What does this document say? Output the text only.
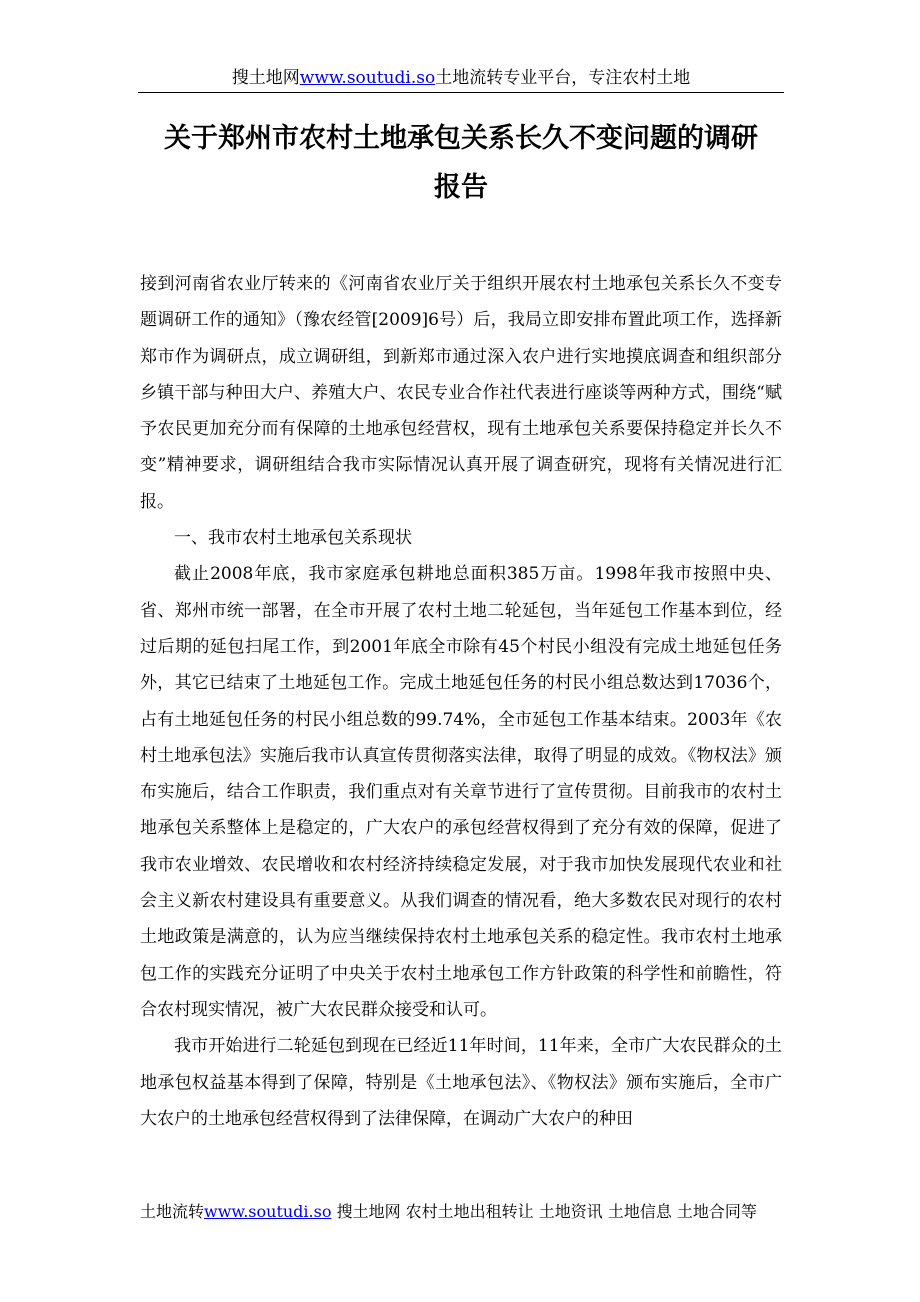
搜土地网www.soutudi.so土地流转专业平台，专注农村土地
关于郑州市农村土地承包关系长久不变问题的调研
报告

接到河南省农业厅转来的《河南省农业厅关于组织开展农村土地承包关系长久不变专题调研工作的通知》（豫农经管[2009]6号）后，我局立即安排布置此项工作，选择新郑市作为调研点，成立调研组，到新郑市通过深入农户进行实地摸底调查和组织部分乡镇干部与种田大户、养殖大户、农民专业合作社代表进行座谈等两种方式，围绕“赋予农民更加充分而有保障的土地承包经营权，现有土地承包关系要保持稳定并长久不变”精神要求，调研组结合我市实际情况认真开展了调查研究，现将有关情况进行汇报。

一、我市农村土地承包关系现状

截止2008年底，我市家庭承包耕地总面积385万亩。1998年我市按照中央、省、郑州市统一部署，在全市开展了农村土地二轮延包，当年延包工作基本到位，经过后期的延包扫尾工作，到2001年底全市除有45个村民小组没有完成土地延包任务外，其它已结束了土地延包工作。完成土地延包任务的村民小组总数达到17036个，占有土地延包任务的村民小组总数的99.74%，全市延包工作基本结束。2003年《农村土地承包法》实施后我市认真宣传贯彻落实法律，取得了明显的成效。《物权法》颁布实施后，结合工作职责，我们重点对有关章节进行了宣传贯彻。目前我市的农村土地承包关系整体上是稳定的，广大农户的承包经营权得到了充分有效的保障，促进了我市农业增效、农民增收和农村经济持续稳定发展，对于我市加快发展现代农业和社会主义新农村建设具有重要意义。从我们调查的情况看，绝大多数农民对现行的农村土地政策是满意的，认为应当继续保持农村土地承包关系的稳定性。我市农村土地承包工作的实践充分证明了中央关于农村土地承包工作方针政策的科学性和前瞻性，符合农村现实情况，被广大农民群众接受和认可。

我市开始进行二轮延包到现在已经近11年时间，11年来，全市广大农民群众的土地承包权益基本得到了保障，特别是《土地承包法》、《物权法》颁布实施后，全市广大农户的土地承包经营权得到了法律保障，在调动广大农户的种田

土地流转www.soutudi.so 搜土地网 农村土地出租转让 土地资讯 土地信息 土地合同等
